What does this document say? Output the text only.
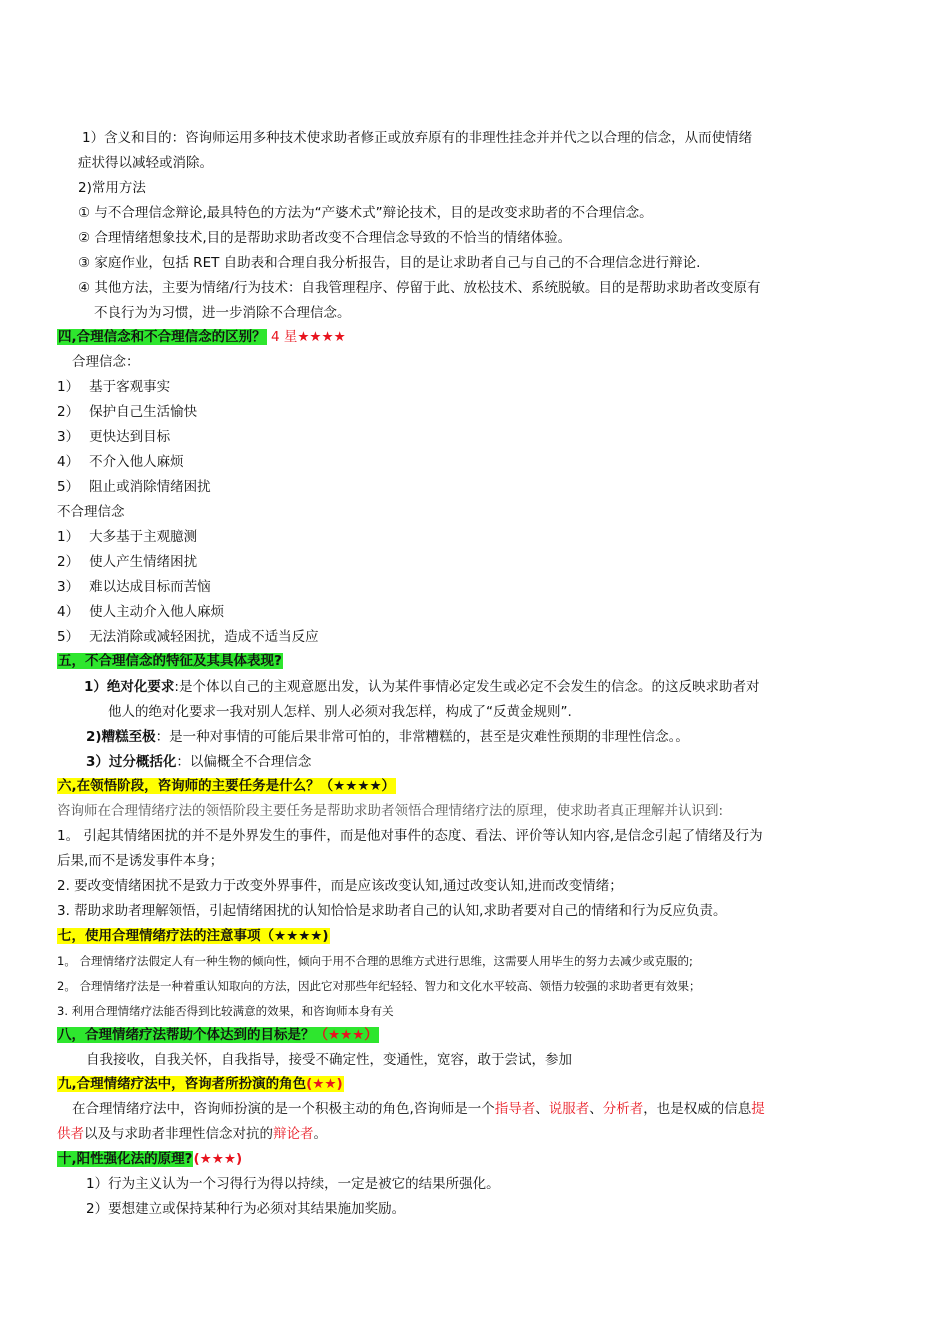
1）含义和目的：咨询师运用多种技术使求助者修正或放弃原有的非理性挂念并并代之以合理的信念，从而使情绪
症状得以减轻或消除。
2)常用方法
① 与不合理信念辩论,最具特色的方法为“产婆术式”辩论技术，目的是改变求助者的不合理信念。
② 合理情绪想象技术,目的是帮助求助者改变不合理信念导致的不恰当的情绪体验。
③ 家庭作业，包括 RET 自助表和合理自我分析报告，目的是让求助者自己与自己的不合理信念进行辩论.
④ 其他方法，主要为情绪/行为技术：自我管理程序、停留于此、放松技术、系统脱敏。目的是帮助求助者改变原有
不良行为为习惯，进一步消除不合理信念。
四,合理信念和不合理信念的区别？ 4 星★★★★
合理信念：
1） 基于客观事实
2） 保护自己生活愉快
3） 更快达到目标
4） 不介入他人麻烦
5） 阻止或消除情绪困扰
不合理信念
1） 大多基于主观臆测
2） 使人产生情绪困扰
3） 难以达成目标而苦恼
4） 使人主动介入他人麻烦
5） 无法消除或减轻困扰，造成不适当反应
五，不合理信念的特征及其具体表现?
1）绝对化要求:是个体以自己的主观意愿出发，认为某件事情必定发生或必定不会发生的信念。的这反映求助者对
他人的绝对化要求一我对别人怎样、别人必须对我怎样，构成了“反黄金规则”.
2)糟糕至极：是一种对事情的可能后果非常可怕的，非常糟糕的，甚至是灾难性预期的非理性信念。。
3）过分概括化：以偏概全不合理信念
六,在领悟阶段，咨询师的主要任务是什么？（★★★★）
咨询师在合理情绪疗法的领悟阶段主要任务是帮助求助者领悟合理情绪疗法的原理，使求助者真正理解并认识到:
1。 引起其情绪困扰的并不是外界发生的事件，而是他对事件的态度、看法、评价等认知内容,是信念引起了情绪及行为
后果,而不是诱发事件本身；
2. 要改变情绪困扰不是致力于改变外界事件，而是应该改变认知,通过改变认知,进而改变情绪；
3. 帮助求助者理解领悟，引起情绪困扰的认知恰恰是求助者自己的认知,求助者要对自己的情绪和行为反应负责。
七，使用合理情绪疗法的注意事项（★★★★)
1。 合理情绪疗法假定人有一种生物的倾向性，倾向于用不合理的思维方式进行思维，这需要人用毕生的努力去减少或克服的;
2。 合理情绪疗法是一种着重认知取向的方法，因此它对那些年纪轻轻、智力和文化水平较高、领悟力较强的求助者更有效果；
3. 利用合理情绪疗法能否得到比较满意的效果，和咨询师本身有关
八，合理情绪疗法帮助个体达到的目标是？（★★★）
自我接收，自我关怀，自我指导，接受不确定性，变通性，宽容，敢于尝试，参加
九,合理情绪疗法中，咨询者所扮演的角色(★★)
在合理情绪疗法中，咨询师扮演的是一个积极主动的角色,咨询师是一个指导者、说服者、分析者，也是权威的信息提
供者以及与求助者非理性信念对抗的辩论者。
十,阳性强化法的原理?(★★★)
1）行为主义认为一个习得行为得以持续，一定是被它的结果所强化。
2）要想建立或保持某种行为必须对其结果施加奖励。
